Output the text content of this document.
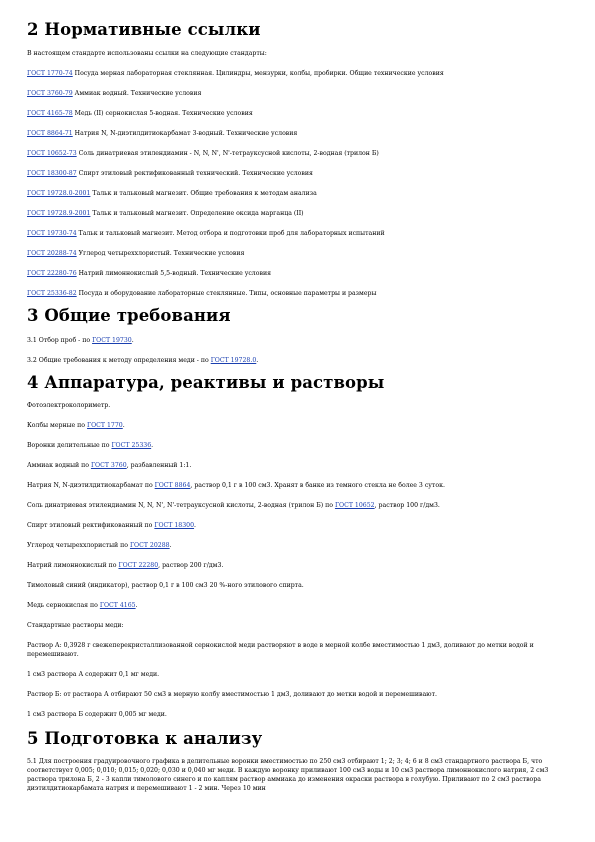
2 Нормативные ссылки

В настоящем стандарте использованы ссылки на следующие стандарты:

ГОСТ 1770-74 Посуда мерная лабораторная стеклянная. Цилиндры, мензурки, колбы, пробирки. Общие технические условия

ГОСТ 3760-79 Аммиак водный. Технические условия

ГОСТ 4165-78 Медь (II) сернокислая 5-водная. Технические условия

ГОСТ 8864-71 Натрия N, N-диэтилдитиокарбамат 3-водный. Технические условия

ГОСТ 10652-73 Соль динатриевая этилендиамин - N, N, N', N'-тетрауксусной кислоты, 2-водная (трилон Б)

ГОСТ 18300-87 Спирт этиловый ректификованный технический. Технические условия

ГОСТ 19728.0-2001 Тальк и тальковый магнезит. Общие требования к методам анализа

ГОСТ 19728.9-2001 Тальк и тальковый магнезит. Определение оксида марганца (II)

ГОСТ 19730-74 Тальк и тальковый магнезит. Метод отбора и подготовки проб для лабораторных испытаний

ГОСТ 20288-74 Углерод четыреххлористый. Технические условия

ГОСТ 22280-76 Натрий лимоннокислый 5,5-водный. Технические условия

ГОСТ 25336-82 Посуда и оборудование лабораторные стеклянные. Типы, основные параметры и размеры

3 Общие требования

3.1 Отбор проб - по ГОСТ 19730.

3.2 Общие требования к методу определения меди - по ГОСТ 19728.0.

4 Аппаратура, реактивы и растворы

Фотоэлектроколориметр.

Колбы мерные по ГОСТ 1770.

Воронки делительные по ГОСТ 25336.

Аммиак водный по ГОСТ 3760, разбавленный 1:1.

Натрия N, N-диэтилдитиокарбамат по ГОСТ 8864, раствор 0,1 г в 100 см3. Хранят в банке из темного стекла не более 3 суток.

Соль динатриевая этилендиамин N, N, N', N'-тетрауксусной кислоты, 2-водная (трилон Б) по ГОСТ 10652, раствор 100 г/дм3.

Спирт этиловый ректификованный по ГОСТ 18300.

Углерод четыреххлористый по ГОСТ 20288.

Натрий лимоннокислый по ГОСТ 22280, раствор 200 г/дм3.

Тимоловый синий (индикатор), раствор 0,1 г в 100 см3 20 %-ного этилового спирта.

Медь сернокислая по ГОСТ 4165.

Стандартные растворы меди:

Раствор А: 0,3928 г свежеперекристаллизованной сернокислой меди растворяют в воде в мерной колбе вместимостью 1 дм3, доливают до метки водой и перемешивают.

1 см3 раствора А содержит 0,1 мг меди.

Раствор Б: от раствора А отбирают 50 см3 в мерную колбу вместимостью 1 дм3, доливают до метки водой и перемешивают.

1 см3 раствора Б содержит 0,005 мг меди.

5 Подготовка к анализу

5.1 Для построения градуировочного графика в делительные воронки вместимостью по 250 см3 отбирают 1; 2; 3; 4; 6 и 8 см3 стандартного раствора Б, что соответствует 0,005; 0,010; 0,015; 0,020; 0,030 и 0,040 мг меди. В каждую воронку приливают 100 см3 воды и 10 см3 раствора лимоннокислого натрия, 2 см3 раствора трилона Б, 2 - 3 капли тимолового синего и по каплям раствор аммиака до изменения окраски раствора в голубую. Приливают по 2 см3 раствора диэтилдитиокарбамата натрия и перемешивают 1 - 2 мин. Через 10 мин
